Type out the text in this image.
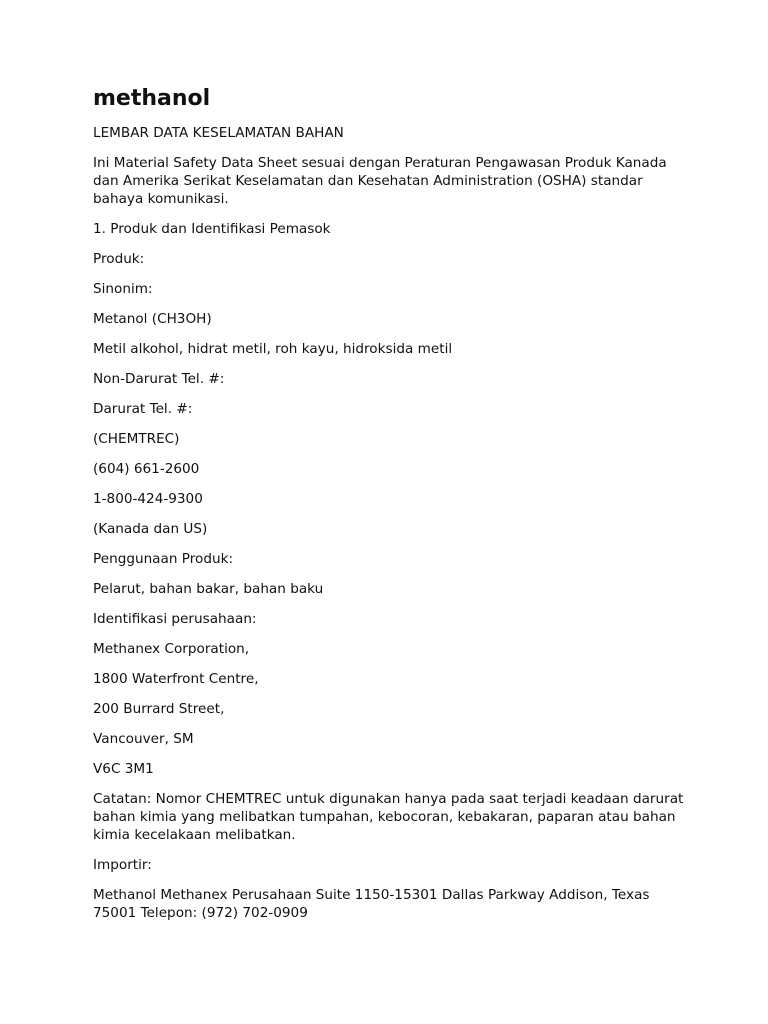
methanol

LEMBAR DATA KESELAMATAN BAHAN

Ini Material Safety Data Sheet sesuai dengan Peraturan Pengawasan Produk Kanada dan Amerika Serikat Keselamatan dan Kesehatan Administration (OSHA) standar bahaya komunikasi.

1. Produk dan Identifikasi Pemasok

Produk:

Sinonim:

Metanol (CH3OH)

Metil alkohol, hidrat metil, roh kayu, hidroksida metil

Non-Darurat Tel. #:

Darurat Tel. #:

(CHEMTREC)

(604) 661-2600

1-800-424-9300

(Kanada dan US)

Penggunaan Produk:

Pelarut, bahan bakar, bahan baku

Identifikasi perusahaan:

Methanex Corporation,

1800 Waterfront Centre,

200 Burrard Street,

Vancouver, SM

V6C 3M1

Catatan: Nomor CHEMTREC untuk digunakan hanya pada saat terjadi keadaan darurat bahan kimia yang melibatkan tumpahan, kebocoran, kebakaran, paparan atau bahan kimia kecelakaan melibatkan.

Importir:

Methanol Methanex Perusahaan Suite 1150-15301 Dallas Parkway Addison, Texas 75001 Telepon: (972) 702-0909
